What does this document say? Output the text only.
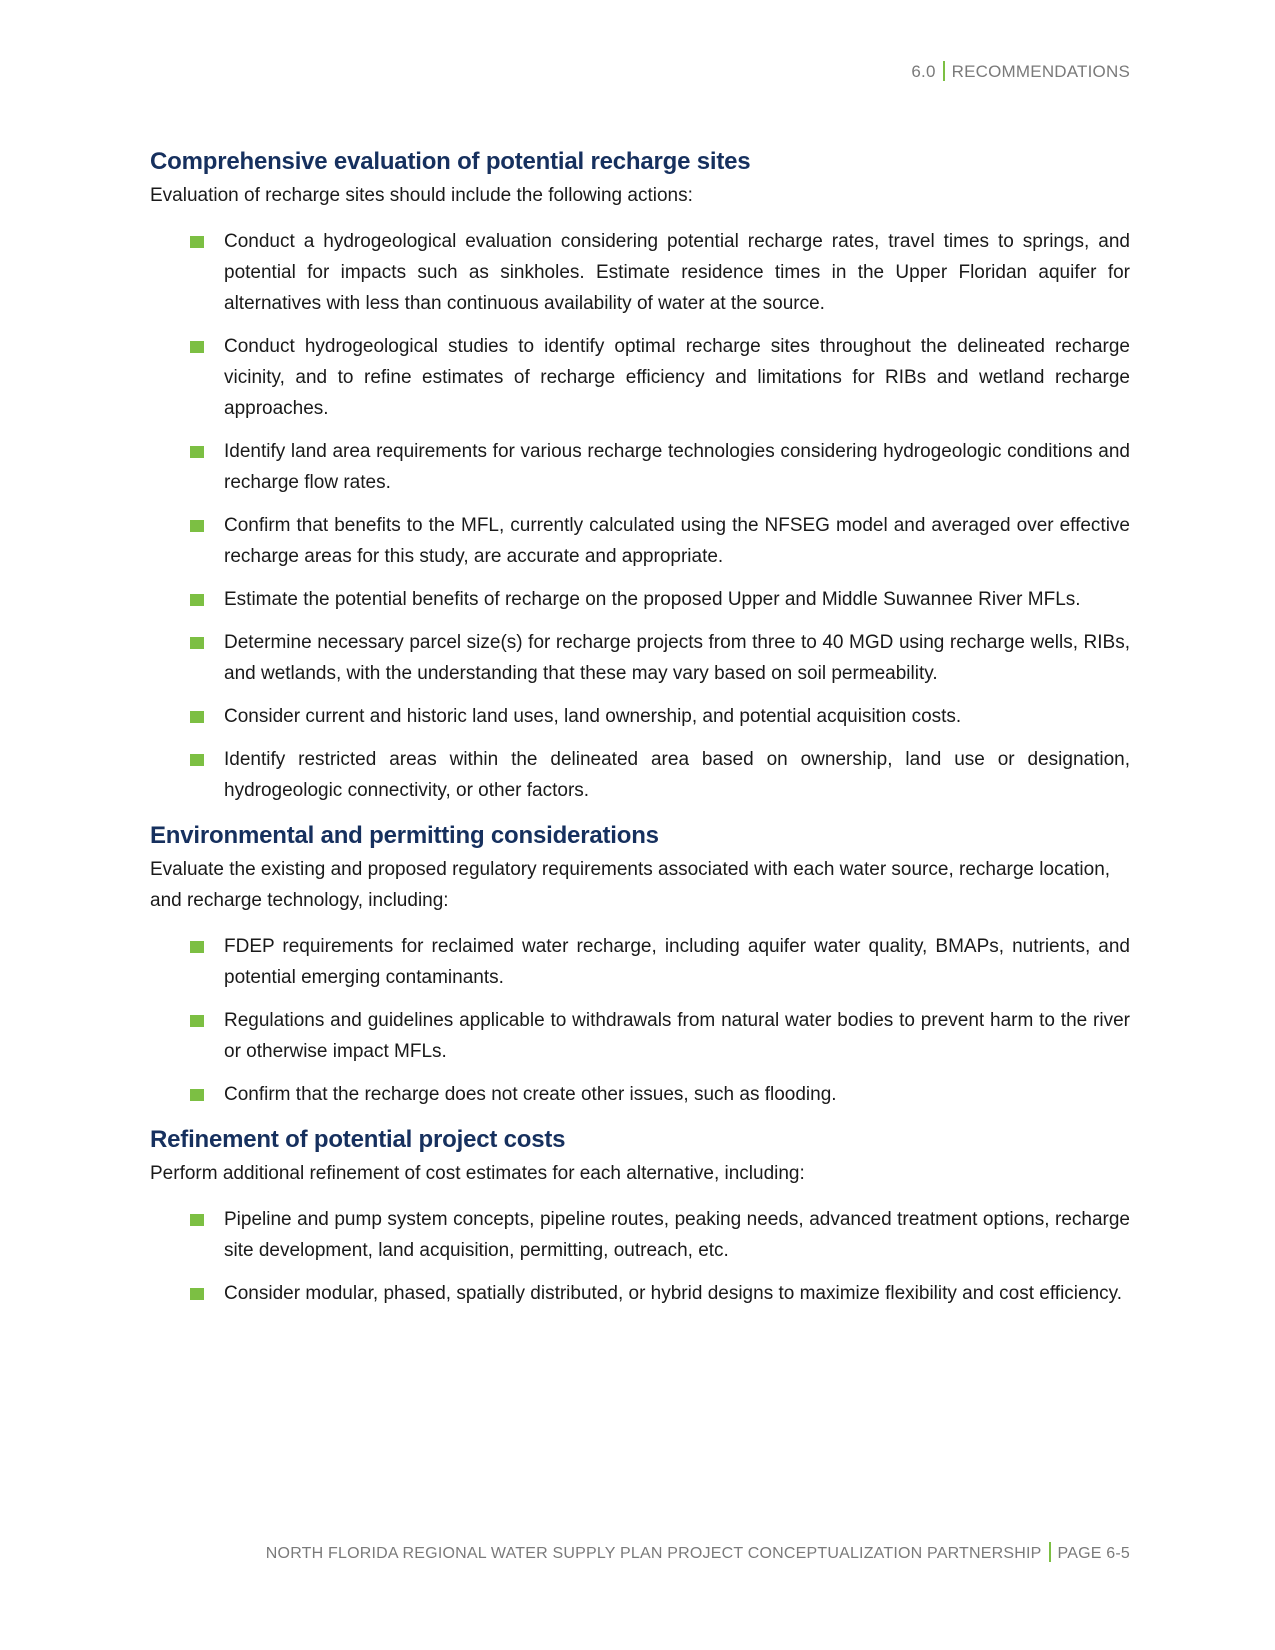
6.0 RECOMMENDATIONS
Comprehensive evaluation of potential recharge sites

Evaluation of recharge sites should include the following actions:

Conduct a hydrogeological evaluation considering potential recharge rates, travel times to springs, and potential for impacts such as sinkholes. Estimate residence times in the Upper Floridan aquifer for alternatives with less than continuous availability of water at the source.
Conduct hydrogeological studies to identify optimal recharge sites throughout the delineated recharge vicinity, and to refine estimates of recharge efficiency and limitations for RIBs and wetland recharge approaches.
Identify land area requirements for various recharge technologies considering hydrogeologic conditions and recharge flow rates.
Confirm that benefits to the MFL, currently calculated using the NFSEG model and averaged over effective recharge areas for this study, are accurate and appropriate.
Estimate the potential benefits of recharge on the proposed Upper and Middle Suwannee River MFLs.
Determine necessary parcel size(s) for recharge projects from three to 40 MGD using recharge wells, RIBs, and wetlands, with the understanding that these may vary based on soil permeability.
Consider current and historic land uses, land ownership, and potential acquisition costs.
Identify restricted areas within the delineated area based on ownership, land use or designation, hydrogeologic connectivity, or other factors.
Environmental and permitting considerations

Evaluate the existing and proposed regulatory requirements associated with each water source, recharge location, and recharge technology, including:

FDEP requirements for reclaimed water recharge, including aquifer water quality, BMAPs, nutrients, and potential emerging contaminants.
Regulations and guidelines applicable to withdrawals from natural water bodies to prevent harm to the river or otherwise impact MFLs.
Confirm that the recharge does not create other issues, such as flooding.
Refinement of potential project costs

Perform additional refinement of cost estimates for each alternative, including:

Pipeline and pump system concepts, pipeline routes, peaking needs, advanced treatment options, recharge site development, land acquisition, permitting, outreach, etc.
Consider modular, phased, spatially distributed, or hybrid designs to maximize flexibility and cost efficiency.
NORTH FLORIDA REGIONAL WATER SUPPLY PLAN PROJECT CONCEPTUALIZATION PARTNERSHIP PAGE 6-5
